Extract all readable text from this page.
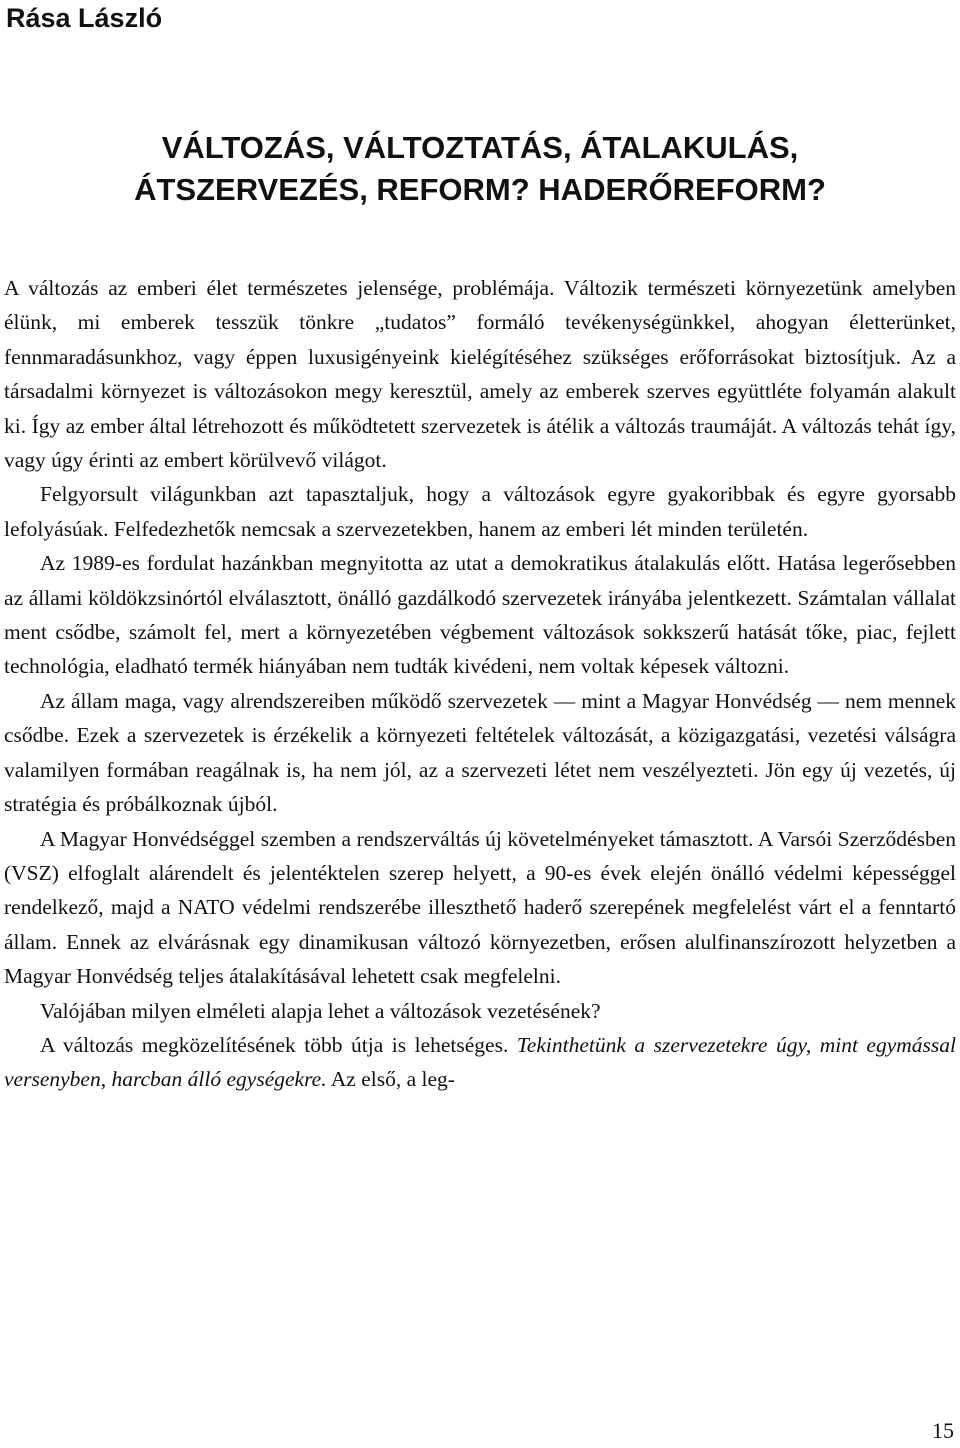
Rása László
VÁLTOZÁS, VÁLTOZTATÁS, ÁTALAKULÁS,
ÁTSZERVEZÉS, REFORM? HADERŐREFORM?

A változás az emberi élet természetes jelensége, problémája. Változik természeti környezetünk amelyben élünk, mi emberek tesszük tönkre „tudatos” formáló tevékenységünkkel, ahogyan életterünket, fennmaradásunkhoz, vagy éppen luxusigényeink kielégítéséhez szükséges erőforrásokat biztosítjuk. Az a társadalmi környezet is változásokon megy keresztül, amely az emberek szerves együttléte folyamán alakult ki. Így az ember által létrehozott és működtetett szervezetek is átélik a változás traumáját. A változás tehát így, vagy úgy érinti az embert körülvevő világot.

Felgyorsult világunkban azt tapasztaljuk, hogy a változások egyre gyakoribbak és egyre gyorsabb lefolyásúak. Felfedezhetők nemcsak a szervezetekben, hanem az emberi lét minden területén.

Az 1989-es fordulat hazánkban megnyitotta az utat a demokratikus átalakulás előtt. Hatása legerősebben az állami köldökzsinórtól elválasztott, önálló gazdálkodó szervezetek irányába jelentkezett. Számtalan vállalat ment csődbe, számolt fel, mert a környezetében végbement változások sokkszerű hatását tőke, piac, fejlett technológia, eladható termék hiányában nem tudták kivédeni, nem voltak képesek változni.

Az állam maga, vagy alrendszereiben működő szervezetek — mint a Magyar Honvédség — nem mennek csődbe. Ezek a szervezetek is érzékelik a környezeti feltételek változását, a közigazgatási, vezetési válságra valamilyen formában reagálnak is, ha nem jól, az a szervezeti létet nem veszélyezteti. Jön egy új vezetés, új stratégia és próbálkoznak újból.

A Magyar Honvédséggel szemben a rendszerváltás új követelményeket támasztott. A Varsói Szerződésben (VSZ) elfoglalt alárendelt és jelentéktelen szerep helyett, a 90-es évek elején önálló védelmi képességgel rendelkező, majd a NATO védelmi rendszerébe illeszthető haderő szerepének megfelelést várt el a fenntartó állam. Ennek az elvárásnak egy dinamikusan változó környezetben, erősen alulfinanszírozott helyzetben a Magyar Honvédség teljes átalakításával lehetett csak megfelelni.

Valójában milyen elméleti alapja lehet a változások vezetésének?

A változás megközelítésének több útja is lehetséges. Tekinthetünk a szervezetekre úgy, mint egymással versenyben, harcban álló egységekre. Az első, a leg-

15
